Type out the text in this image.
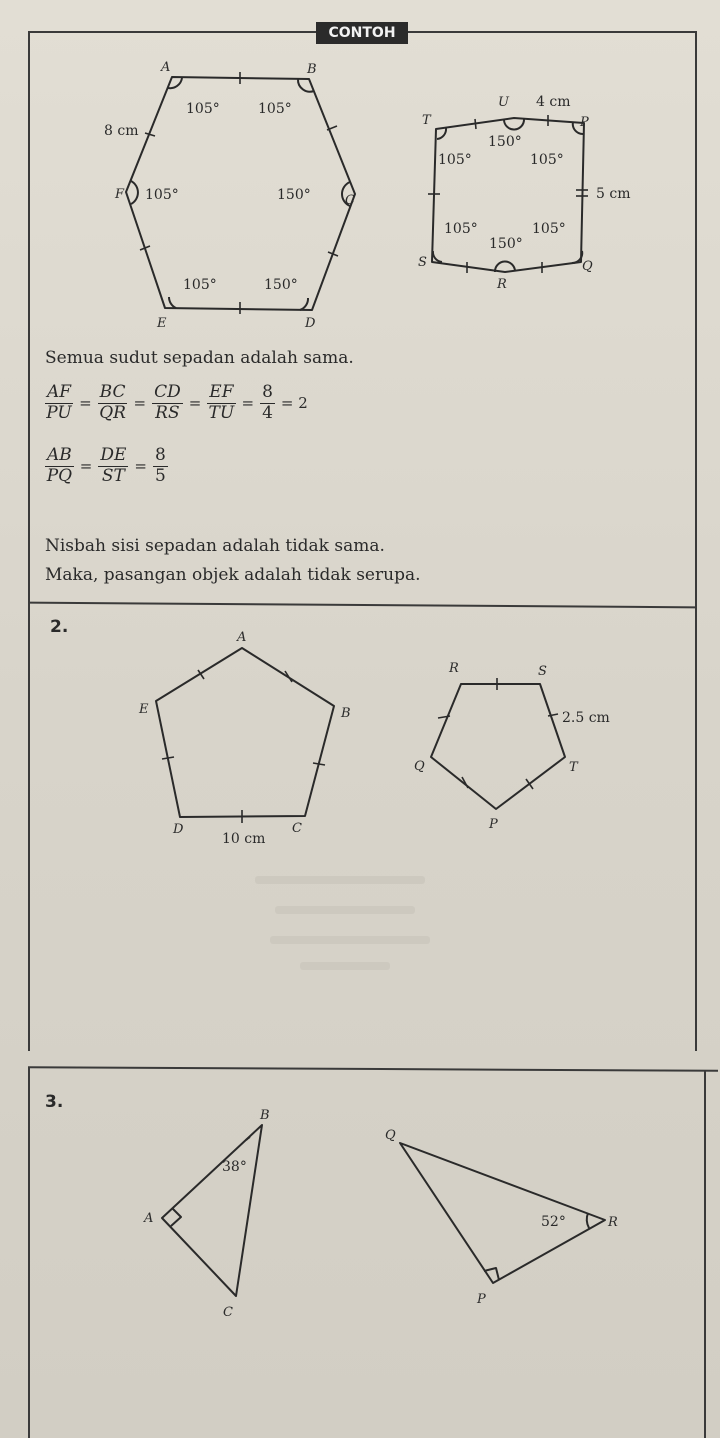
CONTOH
105°	105°
105°	150°
105°	150°
A	B
C
D
E
F
8 cm
150°
105°	105°
105°	105°
150°
4 cm
5 cm
U
P
Q
R
S
T
A
B
C
D
E
10 cm
R	S
T
P
Q
2.5 cm
A
B
C
38°
Q
R
P
52°
Semua sudut sepadan adalah sama.
$\frac{AF}{PU} = \frac{BC}{QR} = \frac{CD}{RS} = \frac{EF}{TU} = \frac{8}{4} = 2$
$\frac{AB}{PQ} = \frac{DE}{ST} = \frac{8}{5}$
Nisbah sisi sepadan adalah tidak sama.
Maka, pasangan objek adalah tidak serupa.
2.
3.
